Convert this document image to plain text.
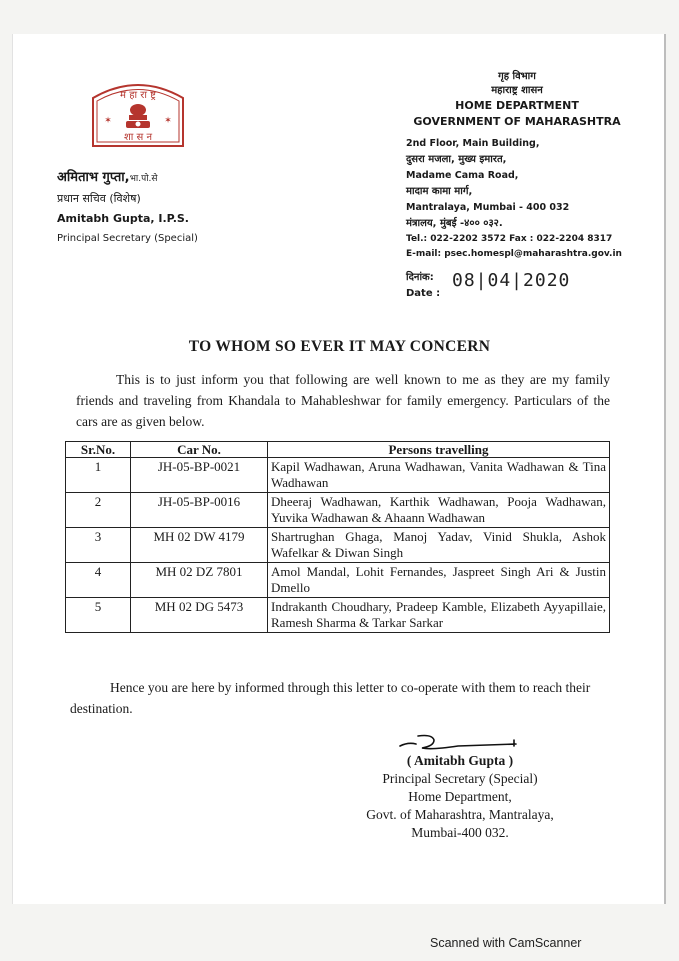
म हा रा ष्ट्र
✶	✶
शा स न
अमिताभ गुप्ता,भा.पो.से
प्रधान सचिव (विशेष)
Amitabh Gupta, I.P.S.
Principal Secretary (Special)
गृह विभाग
महाराष्ट्र शासन
HOME DEPARTMENT
GOVERNMENT OF MAHARASHTRA
2nd Floor, Main Building,
दुसरा मजला, मुख्य इमारत,
Madame Cama Road,
मादाम कामा मार्ग,
Mantralaya, Mumbai - 400 032
मंत्रालय, मुंबई -४०० ०३२.
Tel.: 022-2202 3572 Fax : 022-2204 8317
E-mail: psec.homespl@maharashtra.gov.in
दिनांक:
Date :
08|04|2020
TO WHOM SO EVER IT MAY CONCERN
This is to just inform you that following are well known to me as they are my family friends and traveling from Khandala to Mahableshwar for family emergency. Particulars of the cars are as given below.
Sr.No.	Car No.	Persons travelling
1	JH-05-BP-0021	Kapil Wadhawan, Aruna Wadhawan, Vanita Wadhawan & Tina Wadhawan
2	JH-05-BP-0016	Dheeraj Wadhawan, Karthik Wadhawan, Pooja Wadhawan, Yuvika Wadhawan & Ahaann Wadhawan
3	MH 02 DW 4179	Shartrughan Ghaga, Manoj Yadav, Vinid Shukla, Ashok Wafelkar & Diwan Singh
4	MH 02 DZ 7801	Amol Mandal, Lohit Fernandes, Jaspreet Singh Ari & Justin Dmello
5	MH 02 DG 5473	Indrakanth Choudhary, Pradeep Kamble, Elizabeth Ayyapillaie, Ramesh Sharma & Tarkar Sarkar
Hence you are here by informed through this letter to co-operate with them to reach their destination.
( Amitabh Gupta )
Principal Secretary (Special)
Home Department,
Govt. of Maharashtra, Mantralaya,
Mumbai-400 032.
Scanned with CamScanner
